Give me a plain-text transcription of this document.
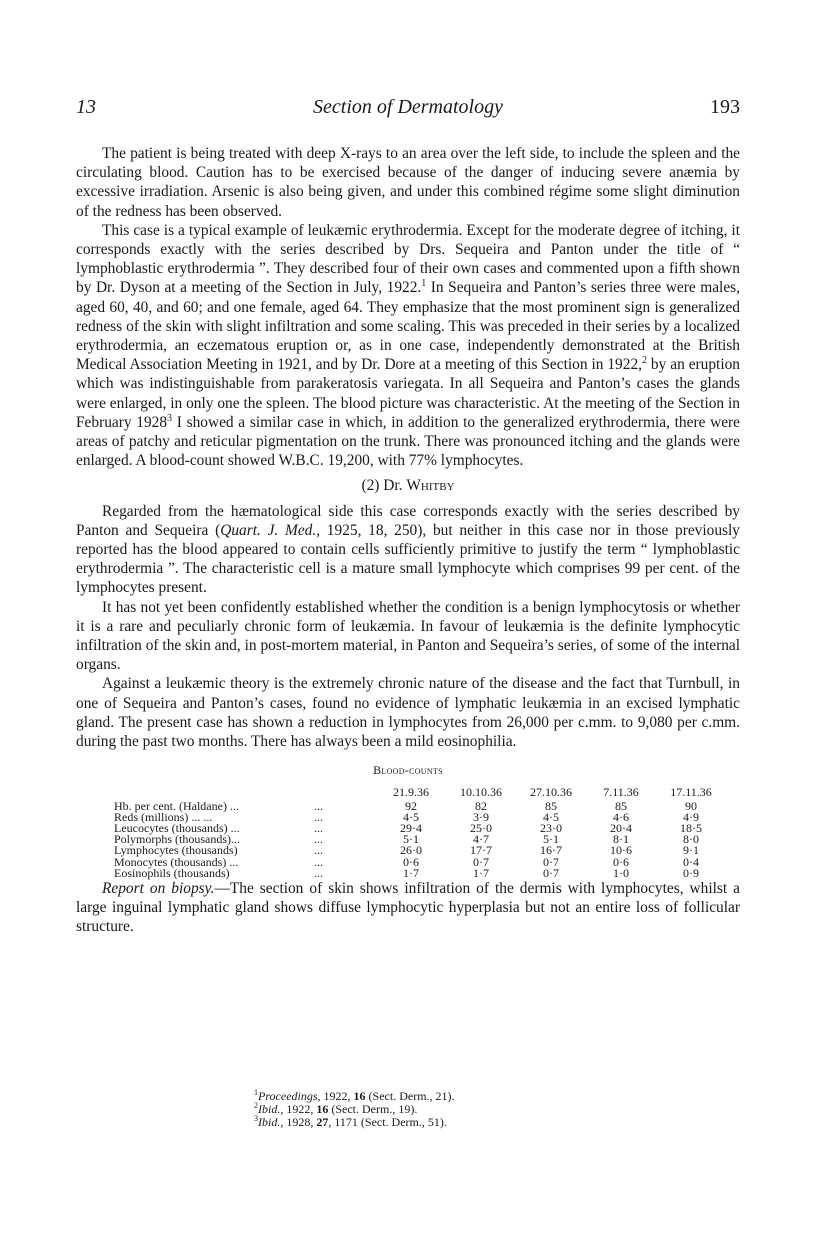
13	Section of Dermatology	193

The patient is being treated with deep X-rays to an area over the left side, to include the spleen and the circulating blood. Caution has to be exercised because of the danger of inducing severe anæmia by excessive irradiation. Arsenic is also being given, and under this combined régime some slight diminution of the redness has been observed.

This case is a typical example of leukæmic erythrodermia. Except for the moderate degree of itching, it corresponds exactly with the series described by Drs. Sequeira and Panton under the title of “ lymphoblastic erythrodermia ”. They described four of their own cases and commented upon a fifth shown by Dr. Dyson at a meeting of the Section in July, 1922.$^1$ In Sequeira and Panton’s series three were males, aged 60, 40, and 60; and one female, aged 64. They emphasize that the most prominent sign is generalized redness of the skin with slight infiltration and some scaling. This was preceded in their series by a localized erythrodermia, an eczematous eruption or, as in one case, independently demonstrated at the British Medical Association Meeting in 1921, and by Dr. Dore at a meeting of this Section in 1922,$^2$ by an eruption which was indistinguishable from parakeratosis variegata. In all Sequeira and Panton’s cases the glands were enlarged, in only one the spleen. The blood picture was characteristic. At the meeting of the Section in February 1928$^3$ I showed a similar case in which, in addition to the generalized erythrodermia, there were areas of patchy and reticular pigmentation on the trunk. There was pronounced itching and the glands were enlarged. A blood-count showed W.B.C. 19,200, with 77% lymphocytes.

(2) Dr. Whitby

Regarded from the hæmatological side this case corresponds exactly with the series described by Panton and Sequeira (Quart. J. Med., 1925, 18, 250), but neither in this case nor in those previously reported has the blood appeared to contain cells sufficiently primitive to justify the term “ lymphoblastic erythrodermia ”. The characteristic cell is a mature small lymphocyte which comprises 99 per cent. of the lymphocytes present.

It has not yet been confidently established whether the condition is a benign lymphocytosis or whether it is a rare and peculiarly chronic form of leukæmia. In favour of leukæmia is the definite lymphocytic infiltration of the skin and, in post-mortem material, in Panton and Sequeira’s series, of some of the internal organs.

Against a leukæmic theory is the extremely chronic nature of the disease and the fact that Turnbull, in one of Sequeira and Panton’s cases, found no evidence of lymphatic leukæmia in an excised lymphatic gland. The present case has shown a reduction in lymphocytes from 26,000 per c.mm. to 9,080 per c.mm. during the past two months. There has always been a mild eosinophilia.

Blood-counts
		21.9.36	10.10.36	27.10.36	7.11.36	17.11.36
Hb. per cent. (Haldane) ...	...	92	82	85	85	90
Reds (millions) ... ...	...	4·5	3·9	4·5	4·6	4·9
Leucocytes (thousands) ...	...	29·4	25·0	23·0	20·4	18·5
Polymorphs (thousands)...	...	5·1	4·7	5·1	8·1	8·0
Lymphocytes (thousands)	...	26·0	17·7	16·7	10·6	9·1
Monocytes (thousands) ...	...	0·6	0·7	0·7	0·6	0·4
Eosinophils (thousands)	...	1·7	1·7	0·7	1·0	0·9

Report on biopsy.—The section of skin shows infiltration of the dermis with lymphocytes, whilst a large inguinal lymphatic gland shows diffuse lymphocytic hyperplasia but not an entire loss of follicular structure.

$^1$Proceedings, 1922, 16 (Sect. Derm., 21).
$^2$Ibid., 1922, 16 (Sect. Derm., 19).
$^3$Ibid., 1928, 27, 1171 (Sect. Derm., 51).
